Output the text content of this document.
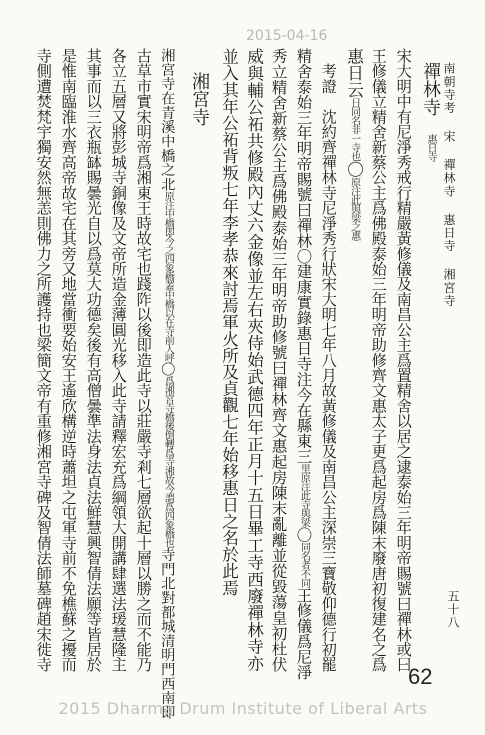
南朝寺考 宋 禪林寺 惠日寺 湘宮寺
五十八
禪林寺　惠日寺
宋大明中有尼淨秀戒行精嚴黃修儀及南昌公主爲置精舍以居之逮泰始三年明帝賜號曰禪林或曰
王修儀立精舍新蔡公主爲佛殿泰始三年明帝助修齊文惠太子更爲起房爲陳末廢唐初復建名之爲
惠日云日同名非一寺也〇原注此與梁之惠
　考證　沈約齊禪林寺尼淨秀行狀宋大明七年八月故黃修儀及南昌公主深崇三寶敬仰德行初罷
精舍泰始三年明帝賜號曰禪林〇建康實錄惠日寺注今在縣東三里原注此寺與梁〇同名者不同王修儀爲尼淨
秀立精舍新蔡公主爲佛殿泰始三年明帝助修號曰禪林齊文惠起房陳末亂離並從毀蕩皇初杜伏
威與輔公祏共修殿內丈六金像並左右夾侍始武德四年正月十五日畢工寺西廢禪林寺亦
並入其年公祏背叛七年李孝恭來討焉軍火所及貞觀七年始移惠日之名於此焉
湘宮寺
湘宮寺在青溪中橋之北原注中橋即今之四象橋蓋中橋以在寺前人呼〇爲湘宮寺橋後倒轉爲寺湘故今謂爲四象橋也寺門北對都城清明門西南即
古草市實宋明帝爲湘東王時故宅也踐阼以後即造此寺以莊嚴寺剎七層欲起十層以勝之而不能乃
各立五層又將彭城寺銅像及文帝所造金薄圓光移入此寺請釋宏充爲綱領大開講肆選法瑗慧隆主
其事而以三衣瓶缽賜曇光自以爲莫大功德矣後有高僧曇準法身法貞法鮮慧興智倩法願等皆居於
是惟南臨淮水齊高帝故宅在其旁又地當衝要始安王遙欣構逆時蕭坦之屯軍寺前不免樵蘇之擾而
寺側遭焚梵宇獨安然無恙則佛力之所護持也梁簡文帝有重修湘宮寺碑及智倩法師墓碑趙宋徙寺
2015-04-16
62
2015 Dharma Drum Institute of Liberal Arts
